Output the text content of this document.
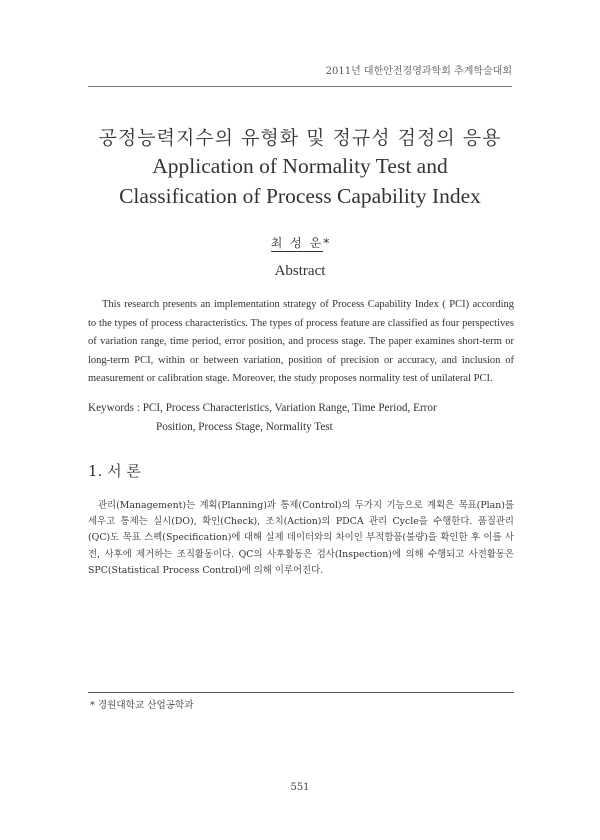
2011년 대한안전경영과학회 추계학술대회
공정능력지수의 유형화 및 정규성 검정의 응용
Application of Normality Test and
Classification of Process Capability Index
최 성 운*
Abstract

This research presents an implementation strategy of Process Capability Index ( PCI) according to the types of process characteristics. The types of process feature are classified as four perspectives of variation range, time period, error position, and process stage. The paper examines short-term or long-term PCI, within or between variation, position of precision or accuracy, and inclusion of measurement or calibration stage. Moreover, the study proposes normality test of unilateral PCI.

Keywords : PCI, Process Characteristics, Variation Range, Time Period, Error
Position, Process Stage, Normality Test
1. 서 론

관리(Management)는 계획(Planning)과 통제(Control)의 두가지 기능으로 계획은 목표(Plan)를 세우고 통제는 실시(DO), 확인(Check), 조치(Action)의 PDCA 관리 Cycle을 수행한다. 품질관리(QC)도 목표 스펙(Specification)에 대해 실제 데이터와의 차이인 부적합품(불량)을 확인한 후 이를 사전, 사후에 제거하는 조직활동이다. QC의 사후활동은 검사(Inspection)에 의해 수행되고 사전활동은 SPC(Statistical Process Control)에 의해 이루어진다.

* 경원대학교 산업공학과
551
